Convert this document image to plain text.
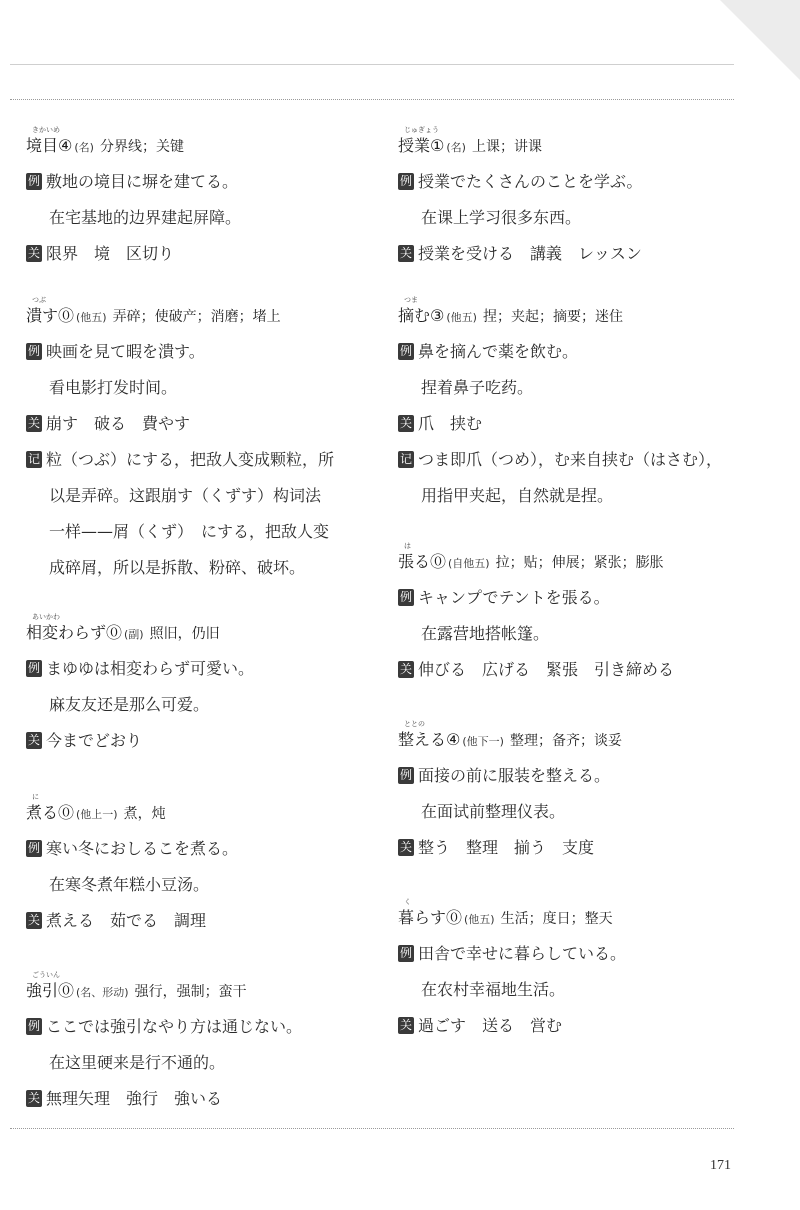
きかいめ
境目④ (名) 分界线；关键
例 敷地の境目に塀を建てる。
在宅基地的边界建起屏障。
关 限界　境　区切り
つぶ
潰す⓪ (他五) 弄碎；使破产；消磨；堵上
例 映画を見て暇を潰す。
看电影打发时间。
关 崩す　破る　費やす
记 粒（つぶ）にする，把敌人变成颗粒，所
以是弄碎。这跟崩す（くずす）构词法
一样——屑（くず）　にする，把敌人变
成碎屑，所以是拆散、粉碎、破坏。
あいかわ
相変わらず⓪ (副) 照旧，仍旧
例 まゆゆは相変わらず可愛い。
麻友友还是那么可爱。
关 今までどおり
に
煮る⓪ (他上一) 煮，炖
例 寒い冬におしるこを煮る。
在寒冬煮年糕小豆汤。
关 煮える　茹でる　調理
ごういん
強引⓪ (名、形动) 强行，强制；蛮干
例 ここでは強引なやり方は通じない。
在这里硬来是行不通的。
关 無理矢理　強行　強いる
じゅぎょう
授業① (名) 上课；讲课
例 授業でたくさんのことを学ぶ。
在课上学习很多东西。
关 授業を受ける　講義　レッスン
つま
摘む③ (他五) 捏；夹起；摘要；迷住
例 鼻を摘んで薬を飲む。
捏着鼻子吃药。
关 爪　挟む
记 つま即爪（つめ），む来自挟む（はさむ），
用指甲夹起，自然就是捏。
は
張る⓪ (自他五) 拉；贴；伸展；紧张；膨胀
例 キャンプでテントを張る。
在露营地搭帐篷。
关 伸びる　広げる　緊張　引き締める
ととの
整える④ (他下一) 整理；备齐；谈妥
例 面接の前に服装を整える。
在面试前整理仪表。
关 整う　整理　揃う　支度
く
暮らす⓪ (他五) 生活；度日；整天
例 田舎で幸せに暮らしている。
在农村幸福地生活。
关 過ごす　送る　営む
171
